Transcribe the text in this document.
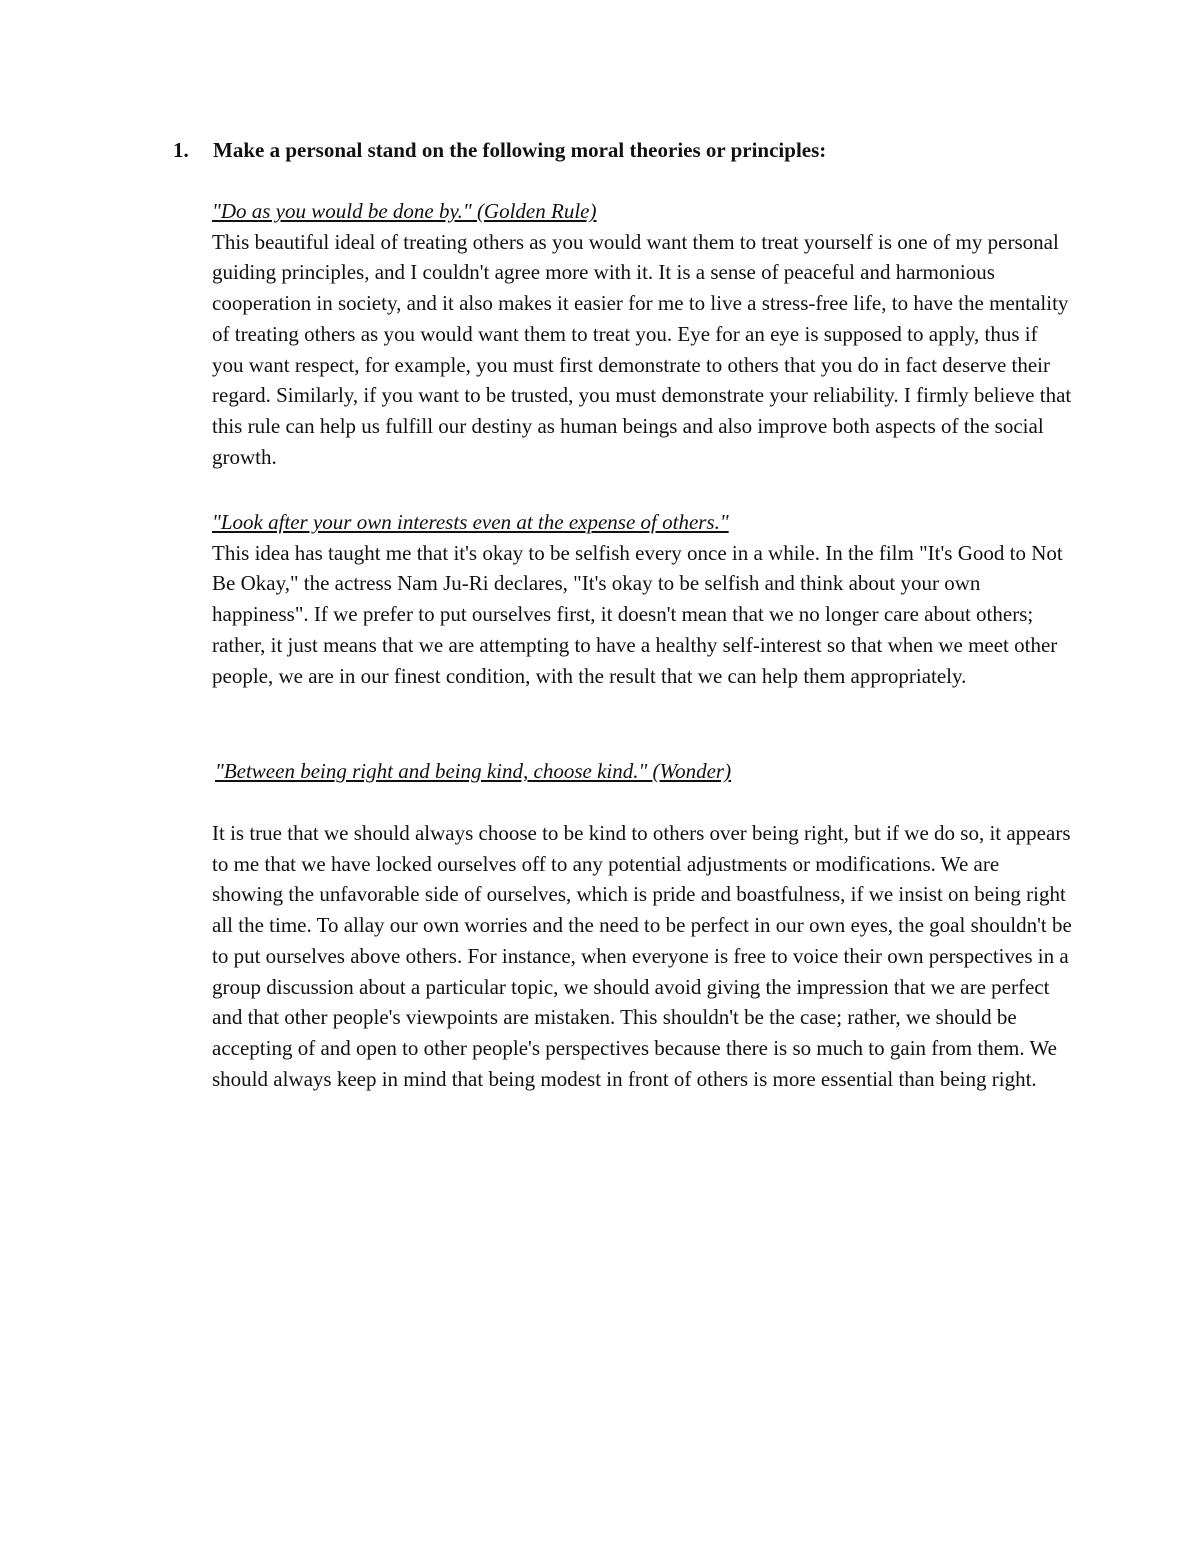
1. Make a personal stand on the following moral theories or principles:

"Do as you would be done by." (Golden Rule)

This beautiful ideal of treating others as you would want them to treat yourself is one of my personal guiding principles, and I couldn't agree more with it. It is a sense of peaceful and harmonious cooperation in society, and it also makes it easier for me to live a stress-free life, to have the mentality of treating others as you would want them to treat you. Eye for an eye is supposed to apply, thus if you want respect, for example, you must first demonstrate to others that you do in fact deserve their regard. Similarly, if you want to be trusted, you must demonstrate your reliability. I firmly believe that this rule can help us fulfill our destiny as human beings and also improve both aspects of the social growth.

"Look after your own interests even at the expense of others."

This idea has taught me that it's okay to be selfish every once in a while. In the film "It's Good to Not Be Okay," the actress Nam Ju-Ri declares, "It's okay to be selfish and think about your own happiness". If we prefer to put ourselves first, it doesn't mean that we no longer care about others; rather, it just means that we are attempting to have a healthy self-interest so that when we meet other people, we are in our finest condition, with the result that we can help them appropriately.

"Between being right and being kind, choose kind." (Wonder)

It is true that we should always choose to be kind to others over being right, but if we do so, it appears to me that we have locked ourselves off to any potential adjustments or modifications. We are showing the unfavorable side of ourselves, which is pride and boastfulness, if we insist on being right all the time. To allay our own worries and the need to be perfect in our own eyes, the goal shouldn't be to put ourselves above others. For instance, when everyone is free to voice their own perspectives in a group discussion about a particular topic, we should avoid giving the impression that we are perfect and that other people's viewpoints are mistaken. This shouldn't be the case; rather, we should be accepting of and open to other people's perspectives because there is so much to gain from them. We should always keep in mind that being modest in front of others is more essential than being right.
